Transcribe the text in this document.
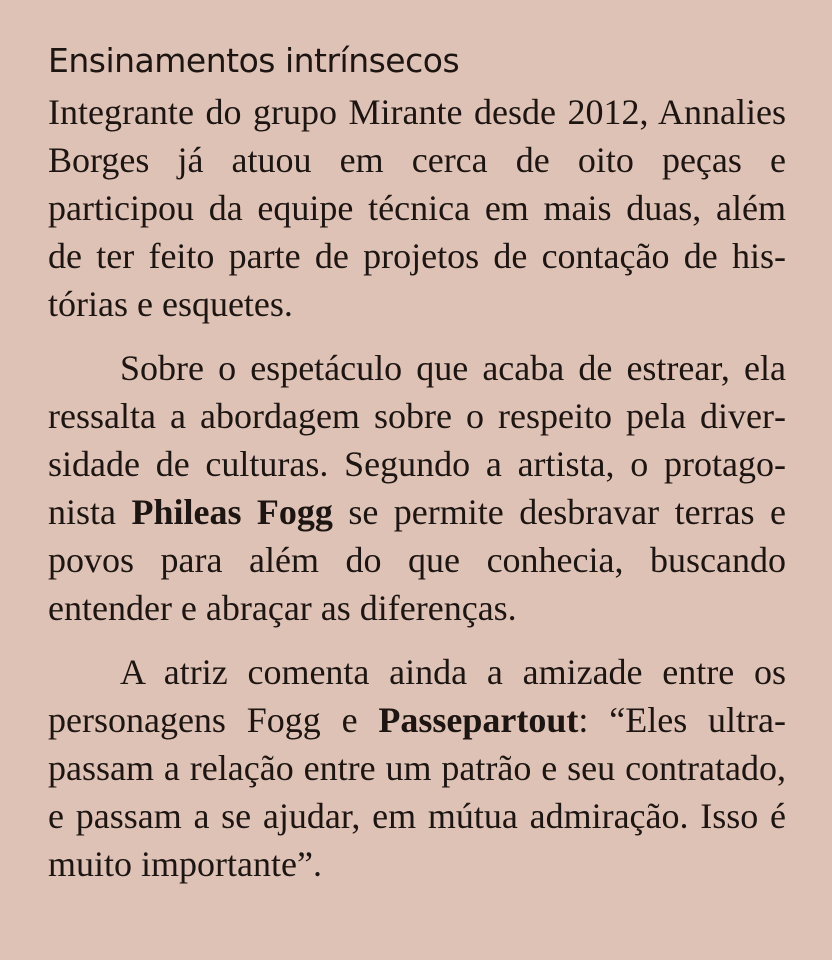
Ensinamentos intrínsecos

Integrante do grupo Mirante desde 2012, Annalies Borges já atuou em cerca de oito peças e participou da equipe técnica em mais duas, além de ter feito parte de projetos de contação de histórias e esquetes.

Sobre o espetáculo que acaba de estrear, ela ressalta a abordagem sobre o respeito pela diversidade de culturas. Segundo a artista, o protagonista Phileas Fogg se permite desbravar terras e povos para além do que conhecia, buscando entender e abraçar as diferenças.

A atriz comenta ainda a amizade entre os personagens Fogg e Passepartout: “Eles ultrapassam a relação entre um patrão e seu contratado, e passam a se ajudar, em mútua admiração. Isso é muito importante”.
